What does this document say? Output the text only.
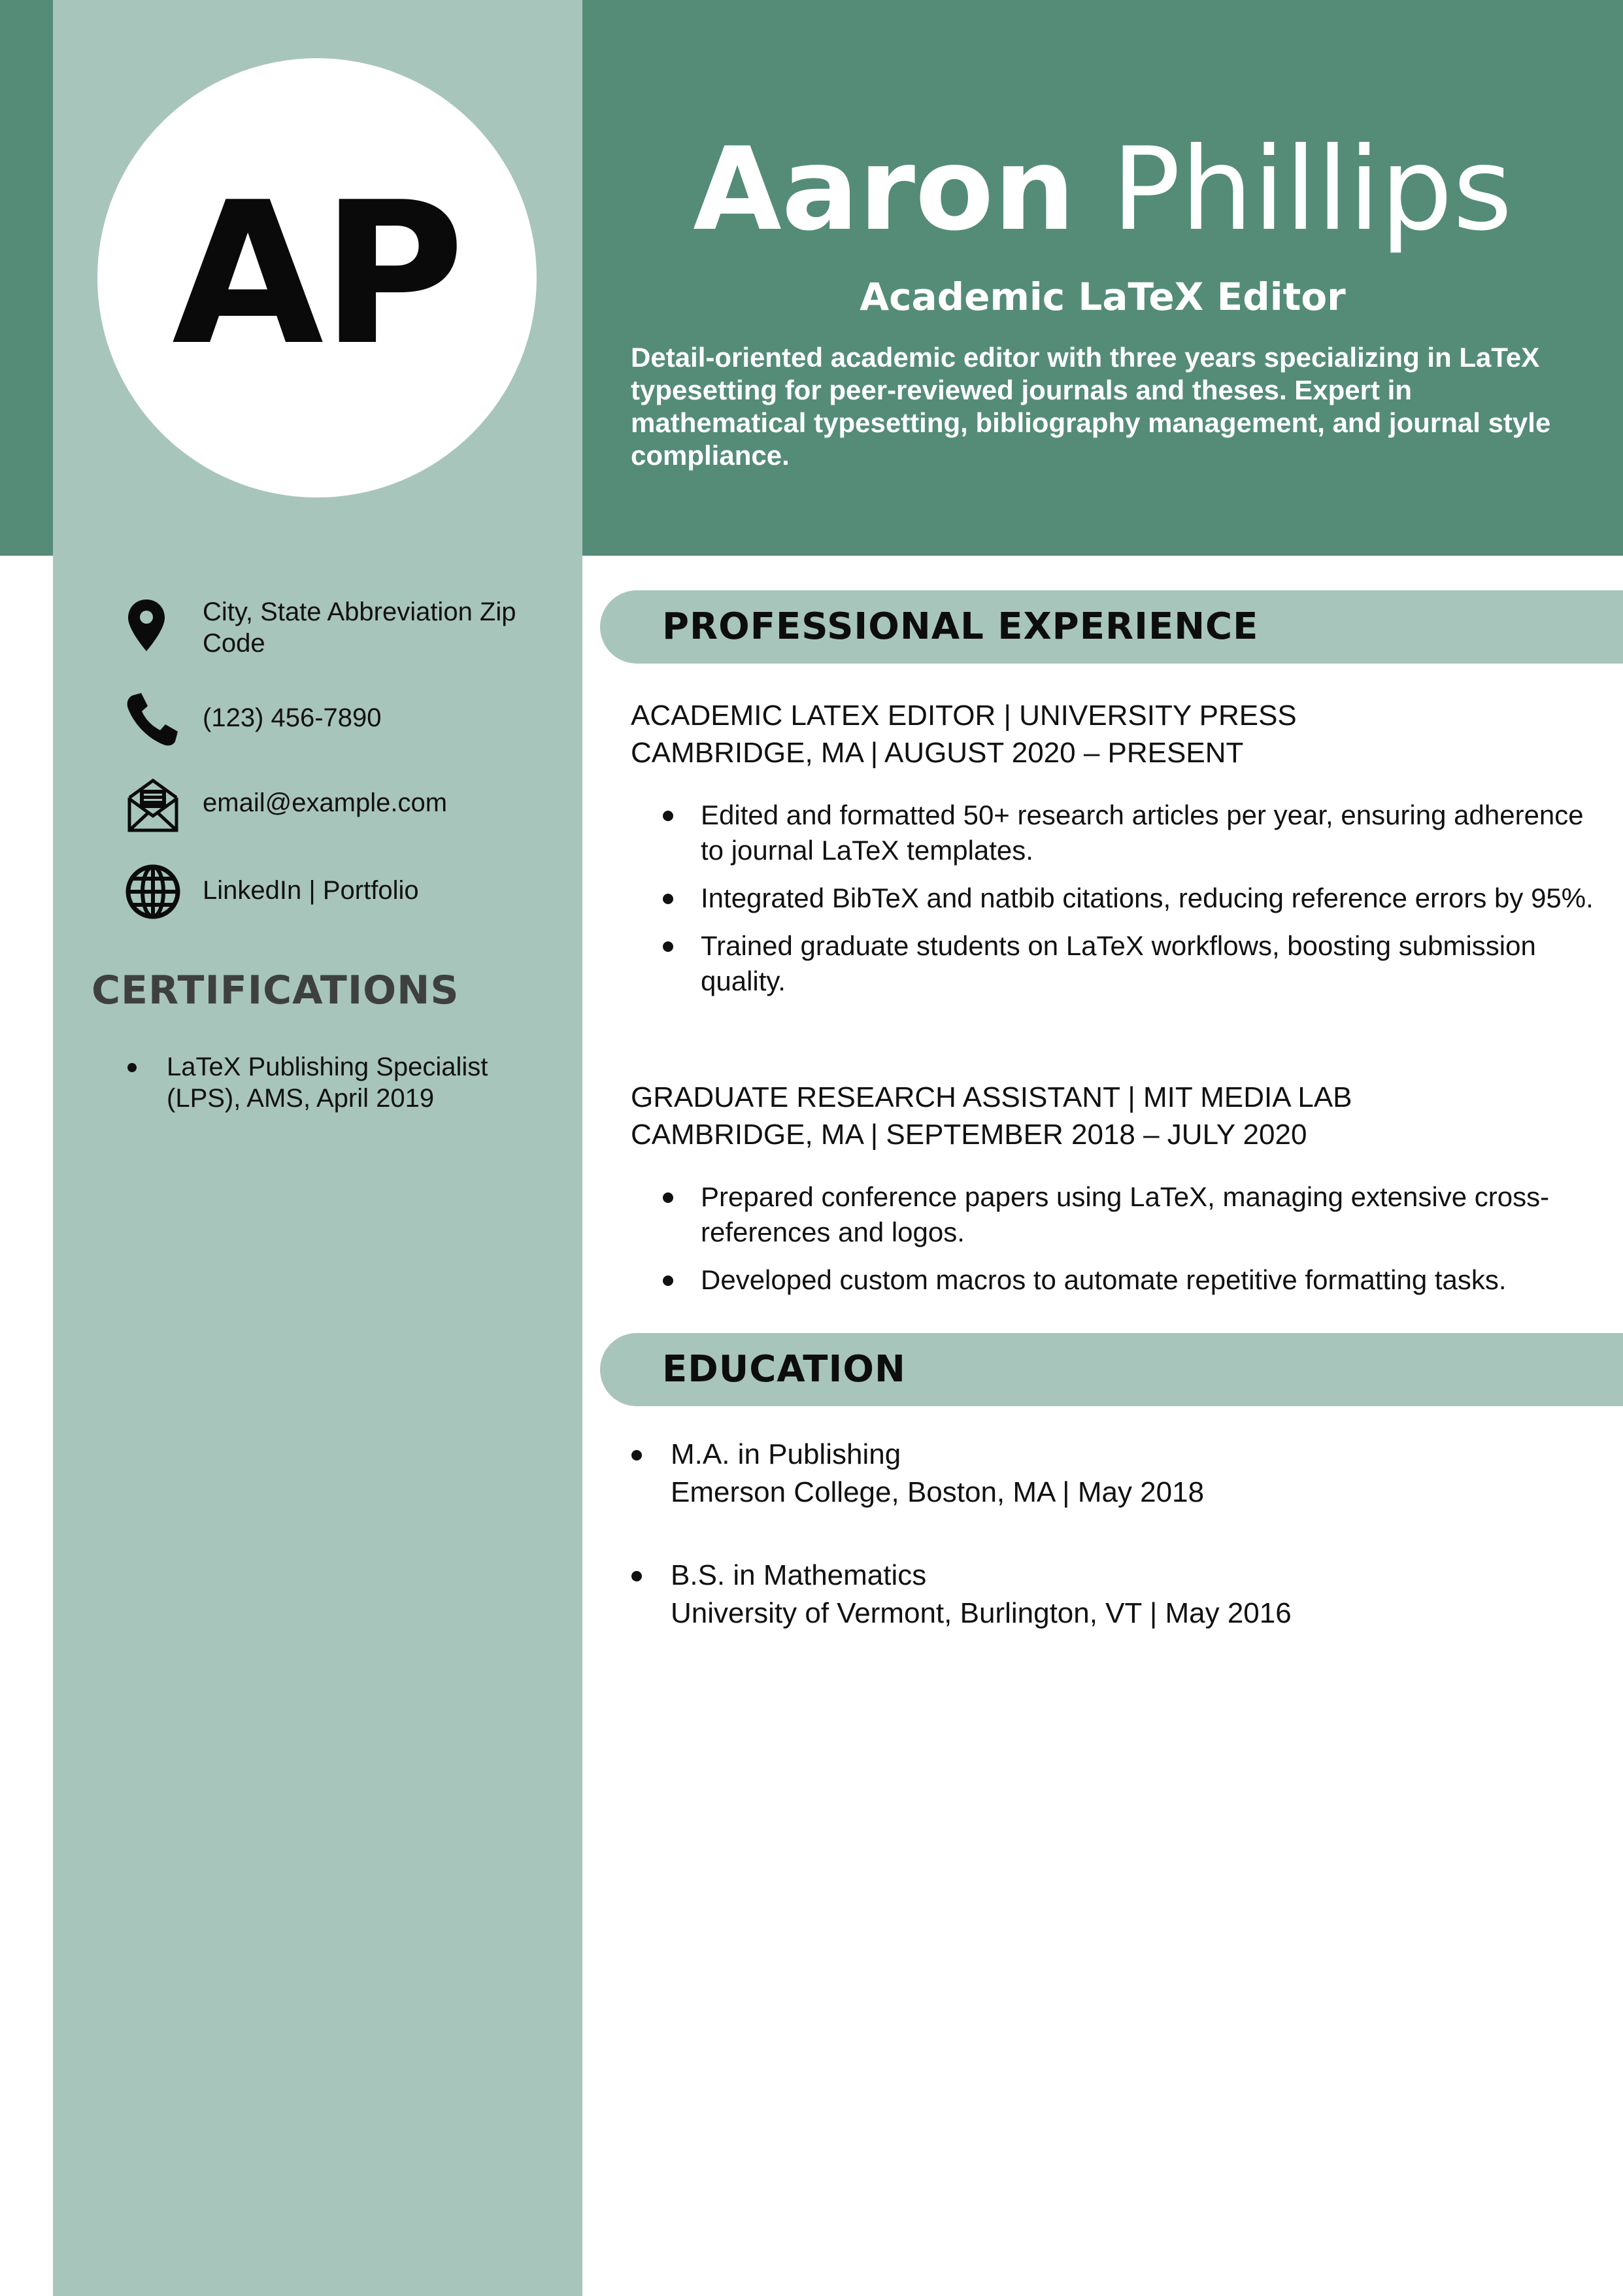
AP	Aaron Phillips
Academic LaTeX Editor
Detail-oriented academic editor with three years specializing in LaTeX typesetting for peer-reviewed journals and theses. Expert in mathematical typesetting, bibliography management, and journal style compliance.
City, State Abbreviation Zip Code
(123) 456-7890
email@example.com
LinkedIn | Portfolio
CERTIFICATIONS
LaTeX Publishing Specialist (LPS), AMS, April 2019
PROFESSIONAL EXPERIENCE
ACADEMIC LATEX EDITOR | UNIVERSITY PRESS
CAMBRIDGE, MA | AUGUST 2020 – PRESENT
Edited and formatted 50+ research articles per year, ensuring adherence to journal LaTeX templates.
Integrated BibTeX and natbib citations, reducing reference errors by 95%.
Trained graduate students on LaTeX workflows, boosting submission quality.
GRADUATE RESEARCH ASSISTANT | MIT MEDIA LAB
CAMBRIDGE, MA | SEPTEMBER 2018 – JULY 2020
Prepared conference papers using LaTeX, managing extensive cross-references and logos.
Developed custom macros to automate repetitive formatting tasks.
EDUCATION
M.A. in Publishing
Emerson College, Boston, MA | May 2018
B.S. in Mathematics
University of Vermont, Burlington, VT | May 2016
